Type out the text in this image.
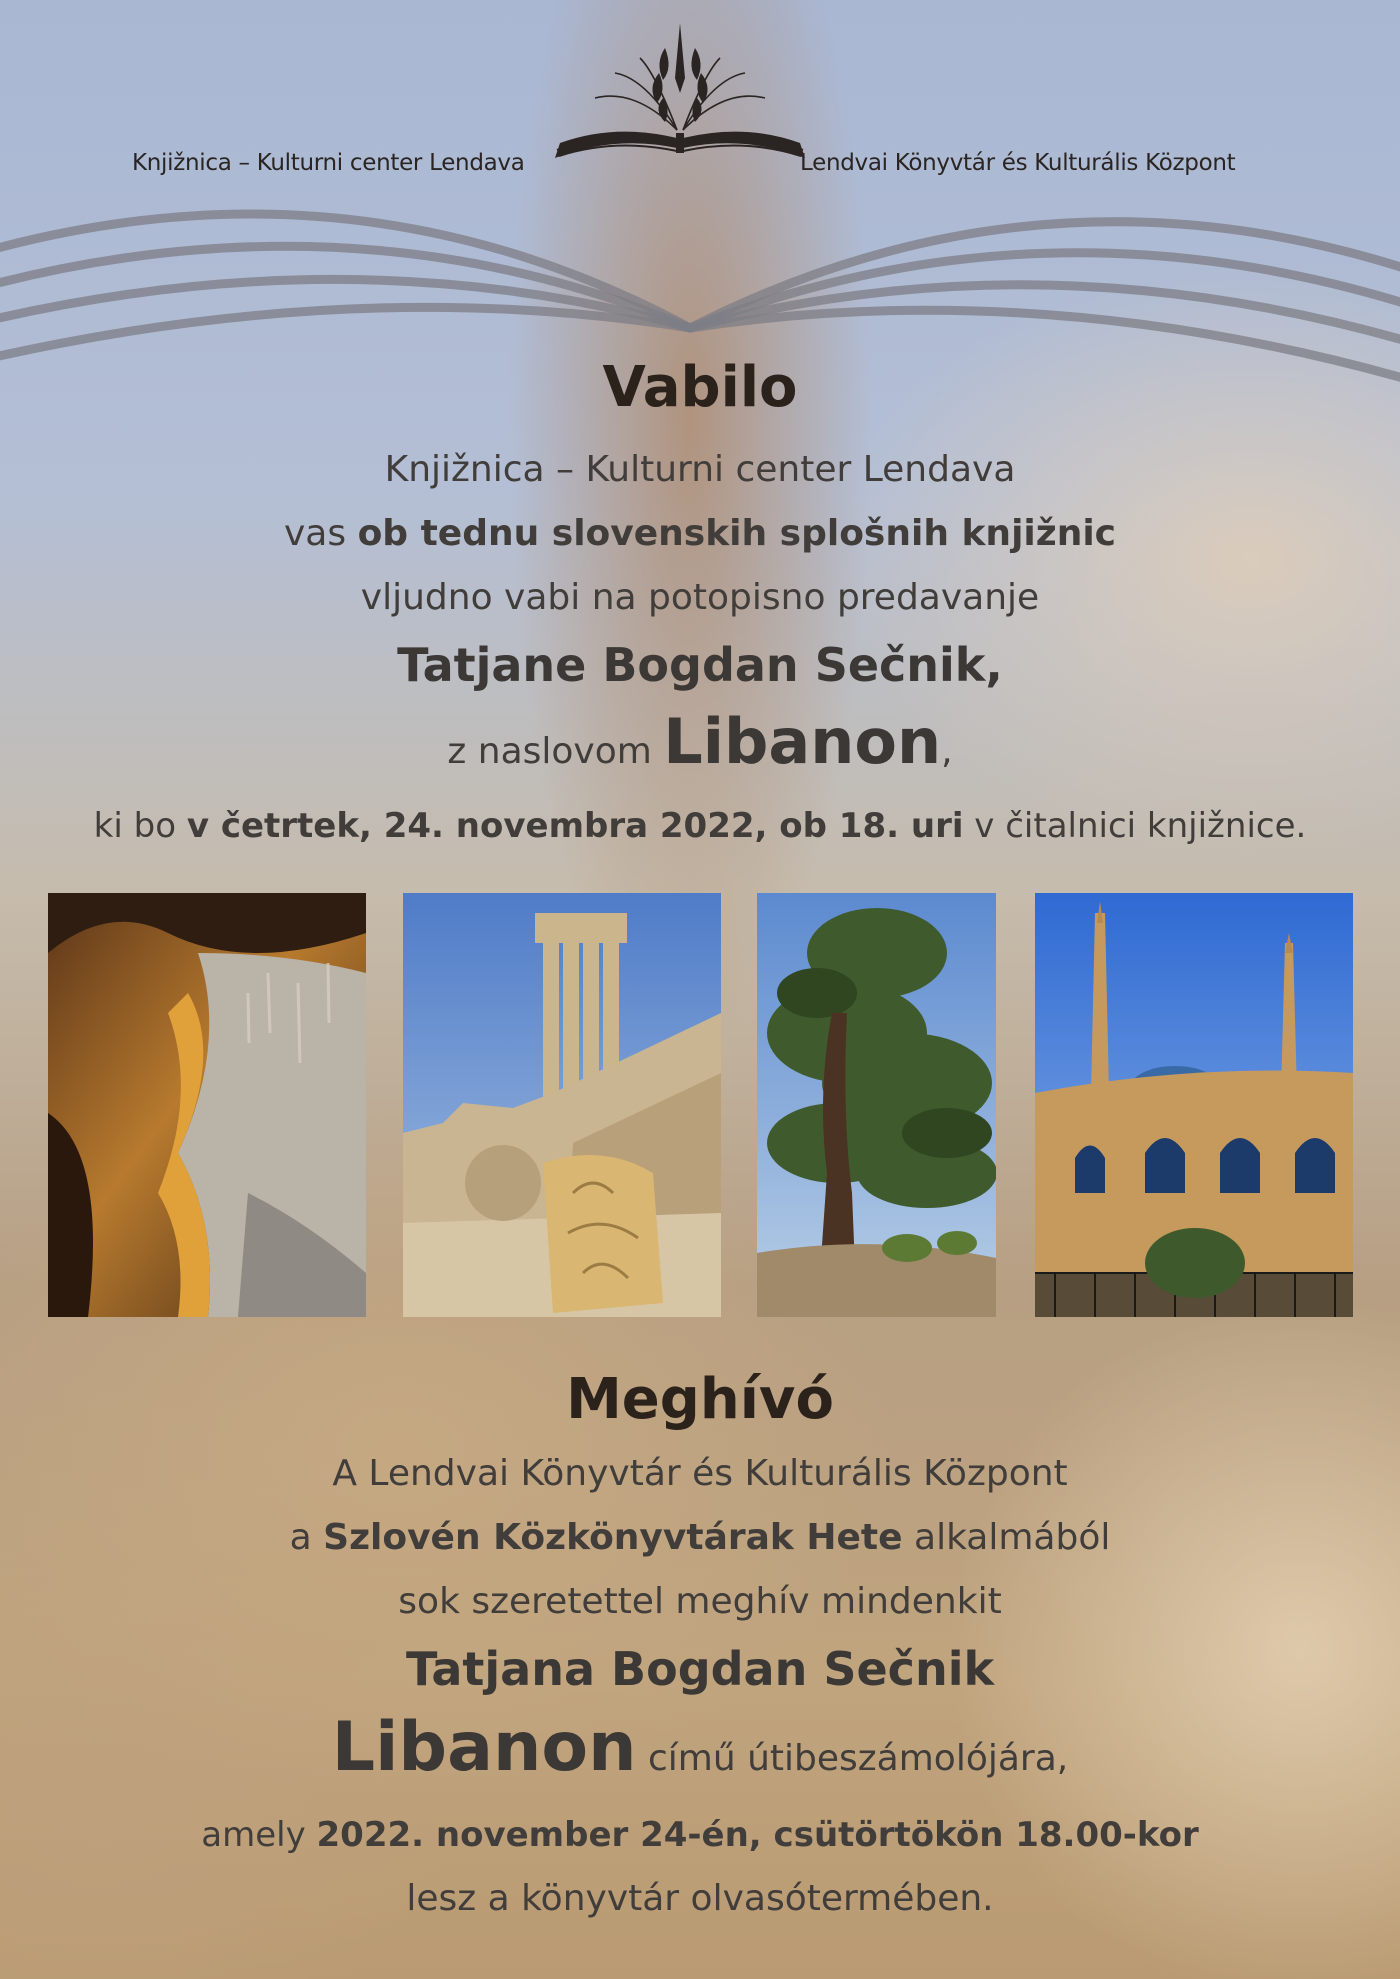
Knjižnica – Kulturni center Lendava	Lendvai Könyvtár és Kulturális Központ
Vabilo
Knjižnica – Kulturni center Lendava
vas ob tednu slovenskih splošnih knjižnic
vljudno vabi na potopisno predavanje
Tatjane Bogdan Sečnik,
z naslovom Libanon,
ki bo v četrtek, 24. novembra 2022, ob 18. uri v čitalnici knjižnice.
Meghívó
A Lendvai Könyvtár és Kulturális Központ
a Szlovén Közkönyvtárak Hete alkalmából
sok szeretettel meghív mindenkit
Tatjana Bogdan Sečnik
Libanon című útibeszámolójára,
amely 2022. november 24-én, csütörtökön 18.00-kor
lesz a könyvtár olvasótermében.
